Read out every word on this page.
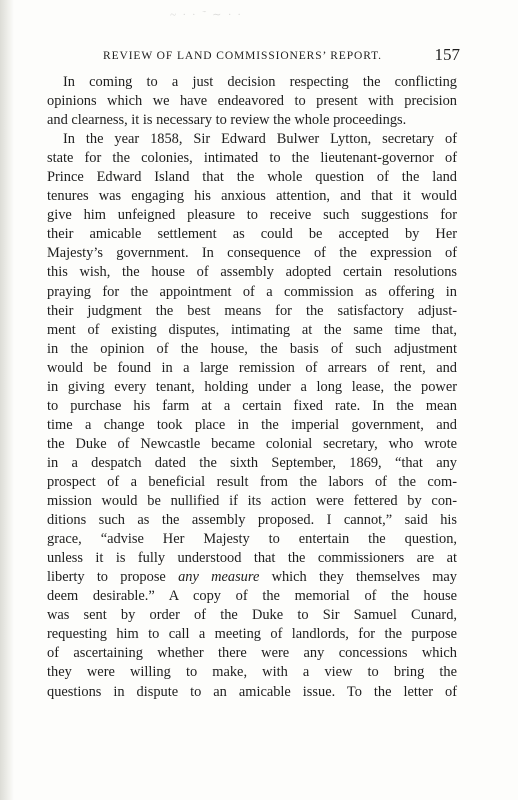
~ ∙ ∙ ˜ ∼ ∙ ∙
REVIEW OF LAND COMMISSIONERS’ REPORT.	157
In coming to a just decision respecting the conflicting
opinions which we have endeavored to present with precision
and clearness, it is necessary to review the whole proceedings.
In the year 1858, Sir Edward Bulwer Lytton, secretary of
state for the colonies, intimated to the lieutenant-governor of
Prince Edward Island that the whole question of the land
tenures was engaging his anxious attention, and that it would
give him unfeigned pleasure to receive such suggestions for
their amicable settlement as could be accepted by Her
Majesty’s government. In consequence of the expression of
this wish, the house of assembly adopted certain resolutions
praying for the appointment of a commission as offering in
their judgment the best means for the satisfactory adjust-
ment of existing disputes, intimating at the same time that,
in the opinion of the house, the basis of such adjustment
would be found in a large remission of arrears of rent, and
in giving every tenant, holding under a long lease, the power
to purchase his farm at a certain fixed rate. In the mean
time a change took place in the imperial government, and
the Duke of Newcastle became colonial secretary, who wrote
in a despatch dated the sixth September, 1869, “that any
prospect of a beneficial result from the labors of the com-
mission would be nullified if its action were fettered by con-
ditions such as the assembly proposed. I cannot,” said his
grace, “advise Her Majesty to entertain the question,
unless it is fully understood that the commissioners are at
liberty to propose any measure which they themselves may
deem desirable.” A copy of the memorial of the house
was sent by order of the Duke to Sir Samuel Cunard,
requesting him to call a meeting of landlords, for the purpose
of ascertaining whether there were any concessions which
they were willing to make, with a view to bring the
questions in dispute to an amicable issue. To the letter of
